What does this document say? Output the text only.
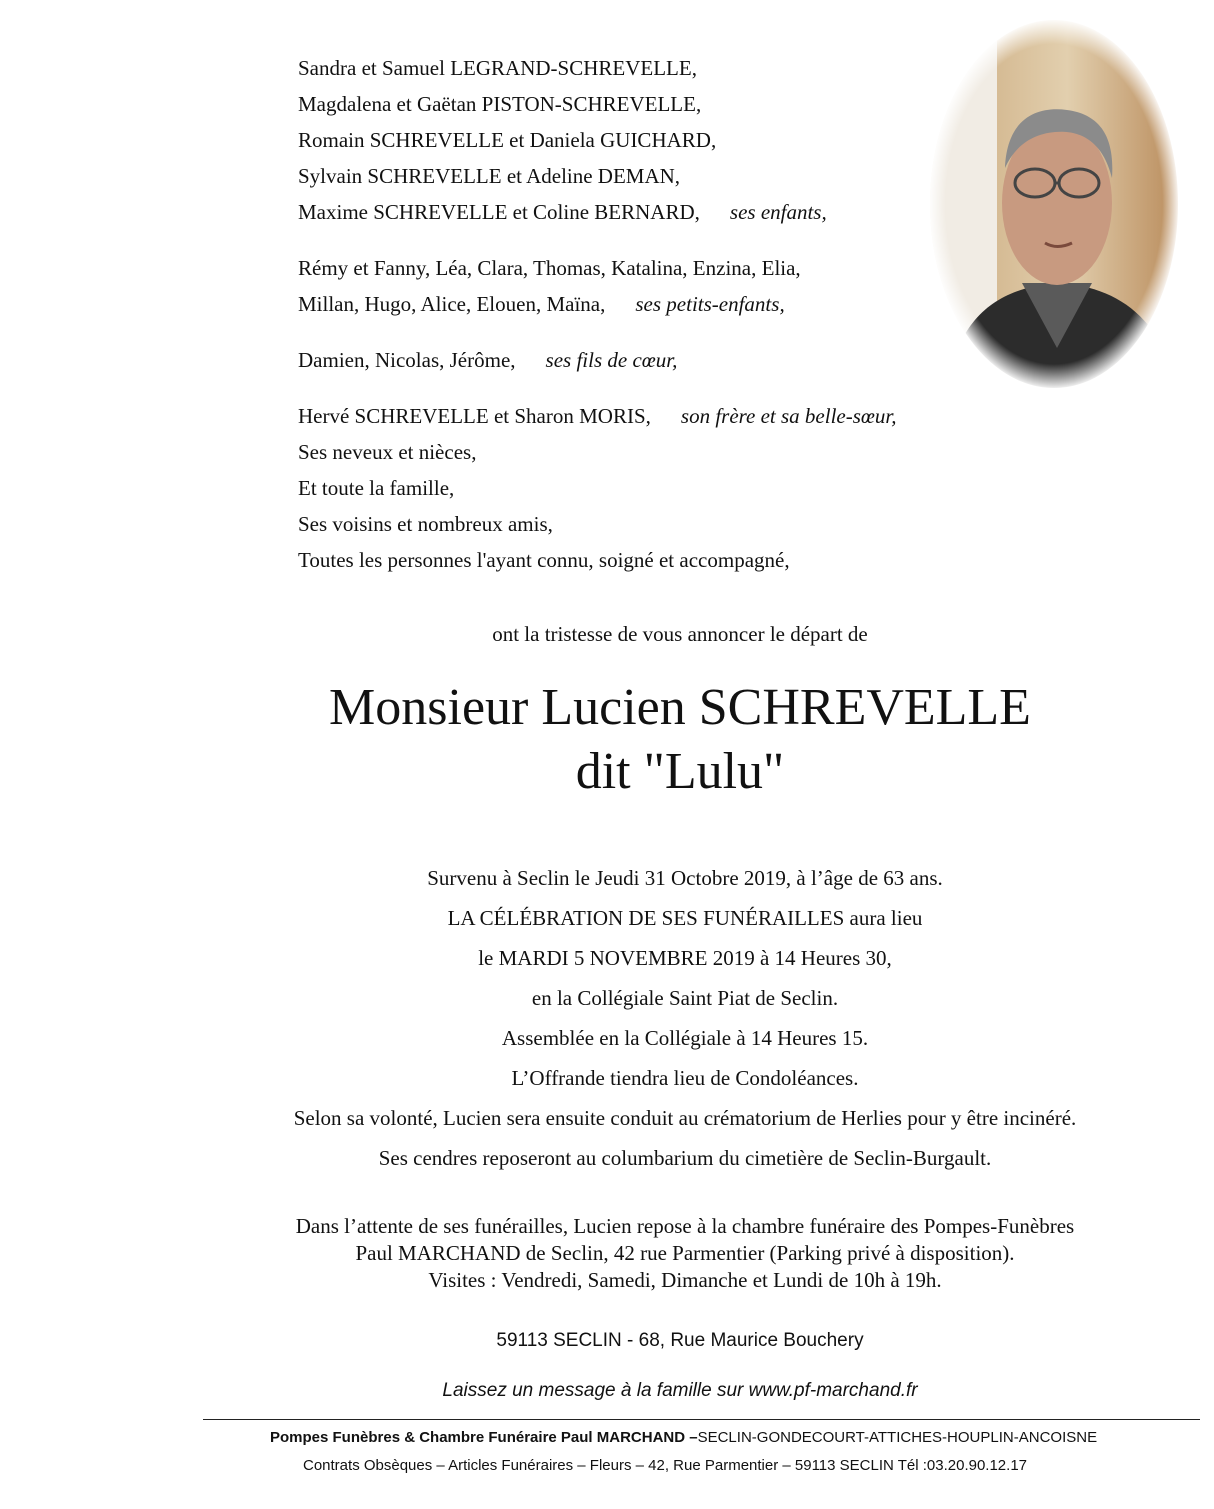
Sandra et Samuel LEGRAND-SCHREVELLE,
Magdalena et Gaëtan PISTON-SCHREVELLE,
Romain SCHREVELLE et Daniela GUICHARD,
Sylvain SCHREVELLE et Adeline DEMAN,
Maxime SCHREVELLE et Coline BERNARD, ses enfants,
Rémy et Fanny, Léa, Clara, Thomas, Katalina, Enzina, Elia,
Millan, Hugo, Alice, Elouen, Maïna, ses petits-enfants,
Damien, Nicolas, Jérôme, ses fils de cœur,
Hervé SCHREVELLE et Sharon MORIS, son frère et sa belle-sœur,
Ses neveux et nièces,
Et toute la famille,
Ses voisins et nombreux amis,
Toutes les personnes l'ayant connu, soigné et accompagné,
ont la tristesse de vous annoncer le départ de
Monsieur Lucien SCHREVELLE
dit "Lulu"
Survenu à Seclin le Jeudi 31 Octobre 2019, à l’âge de 63 ans.
LA CÉLÉBRATION DE SES FUNÉRAILLES aura lieu
le MARDI 5 NOVEMBRE 2019 à 14 Heures 30,
en la Collégiale Saint Piat de Seclin.
Assemblée en la Collégiale à 14 Heures 15.
L’Offrande tiendra lieu de Condoléances.
Selon sa volonté, Lucien sera ensuite conduit au crématorium de Herlies pour y être incinéré.
Ses cendres reposeront au columbarium du cimetière de Seclin-Burgault.
Dans l’attente de ses funérailles, Lucien repose à la chambre funéraire des Pompes-Funèbres
Paul MARCHAND de Seclin, 42 rue Parmentier (Parking privé à disposition).
Visites : Vendredi, Samedi, Dimanche et Lundi de 10h à 19h.
59113 SECLIN - 68, Rue Maurice Bouchery
Laissez un message à la famille sur www.pf-marchand.fr
Pompes Funèbres & Chambre Funéraire Paul MARCHAND –SECLIN-GONDECOURT-ATTICHES-HOUPLIN-ANCOISNE
Contrats Obsèques – Articles Funéraires – Fleurs – 42, Rue Parmentier – 59113 SECLIN Tél :03.20.90.12.17
